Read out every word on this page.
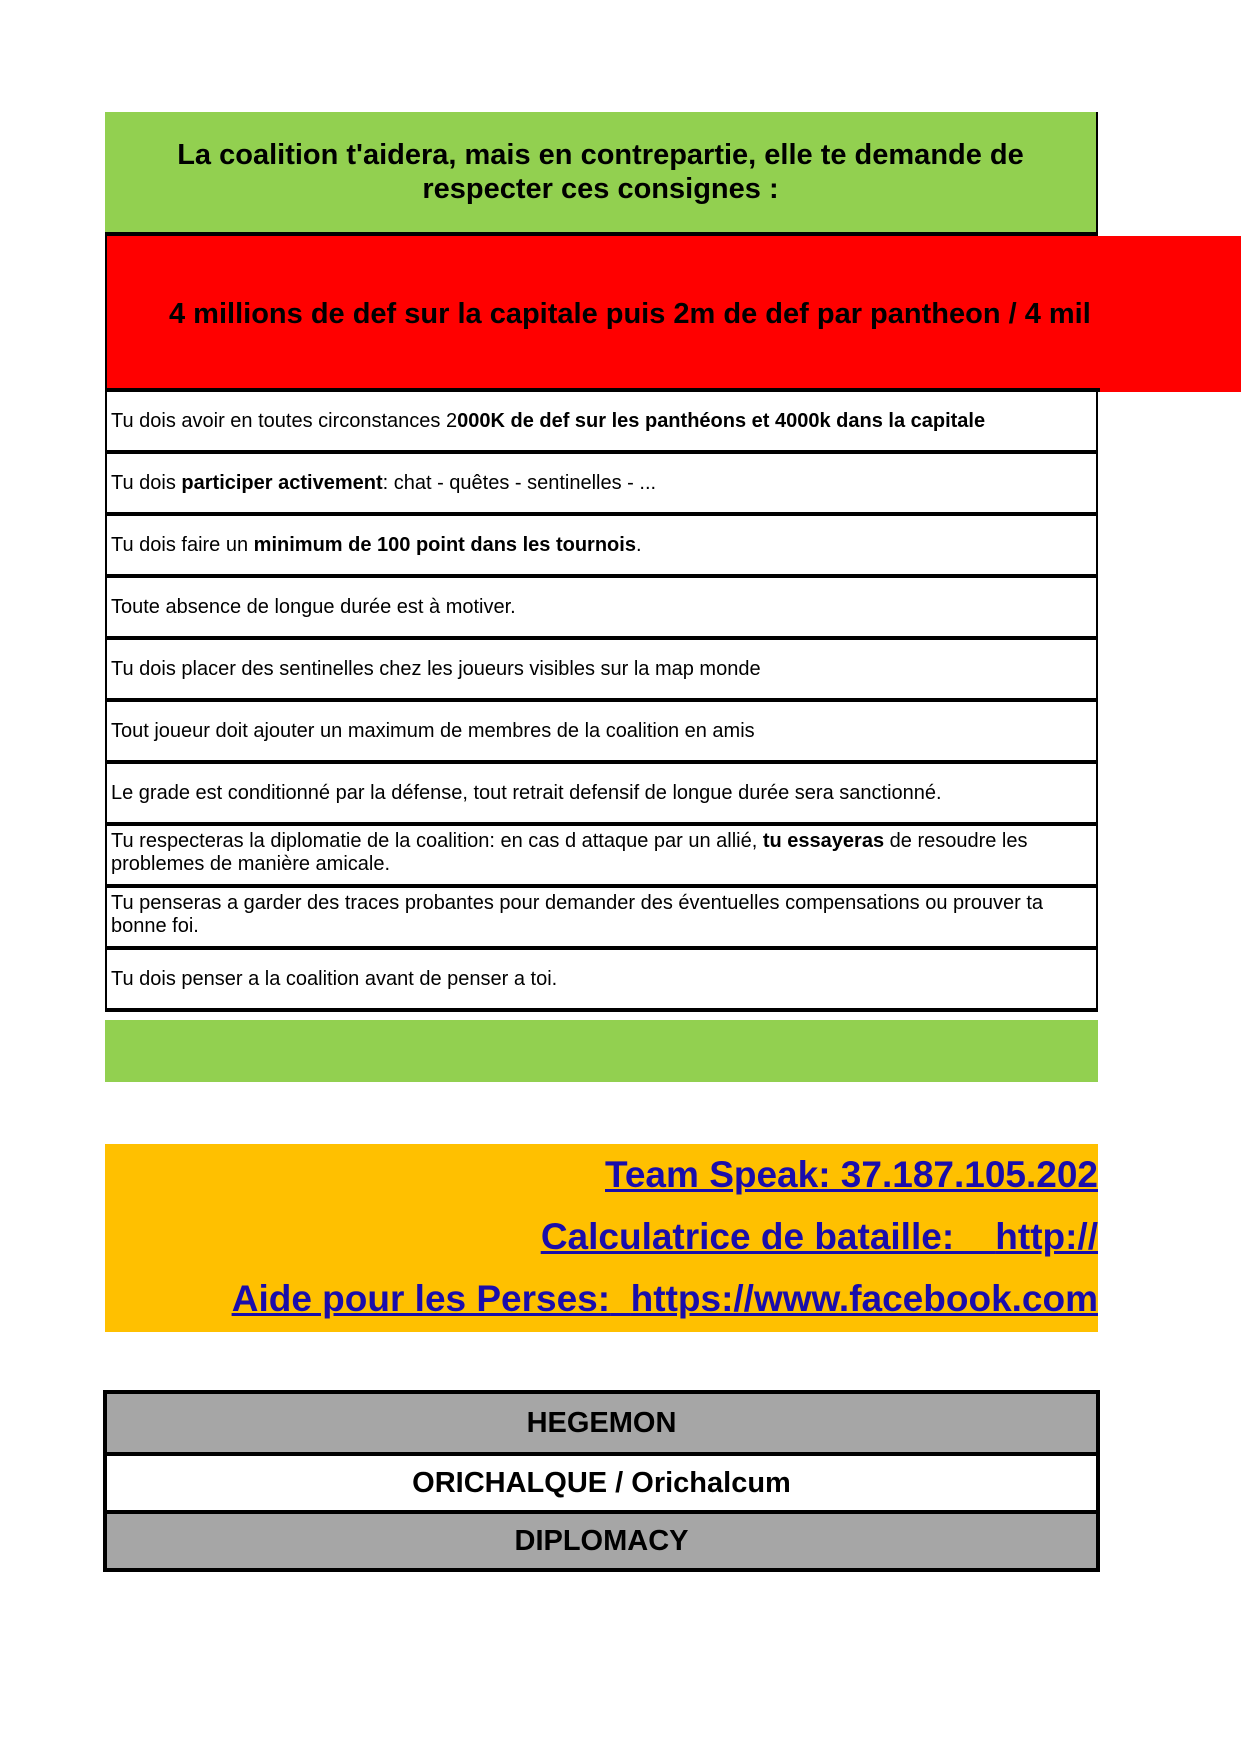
La coalition t'aidera, mais en contrepartie, elle te demande de
respecter ces consignes :
4 millions de def sur la capitale puis 2m de def par pantheon / 4 mil
Tu dois avoir en toutes circonstances 2000K de def sur les panthéons et 4000k dans la capitale
Tu dois participer activement: chat - quêtes - sentinelles - ...
Tu dois faire un minimum de 100 point dans les tournois.
Toute absence de longue durée est à motiver.
Tu dois placer des sentinelles chez les joueurs visibles sur la map monde
Tout joueur doit ajouter un maximum de membres de la coalition en amis
Le grade est conditionné par la défense, tout retrait defensif de longue durée sera sanctionné.
Tu respecteras la diplomatie de la coalition: en cas d attaque par un allié, tu essayeras de resoudre les problemes de manière amicale.
Tu penseras a garder des traces probantes pour demander des éventuelles compensations ou prouver ta bonne foi.
Tu dois penser a la coalition avant de penser a toi.
Team Speak: 37.187.105.202
Calculatrice de bataille:    http://
Aide pour les Perses: https://www.facebook.com
HEGEMON
ORICHALQUE / Orichalcum
DIPLOMACY
